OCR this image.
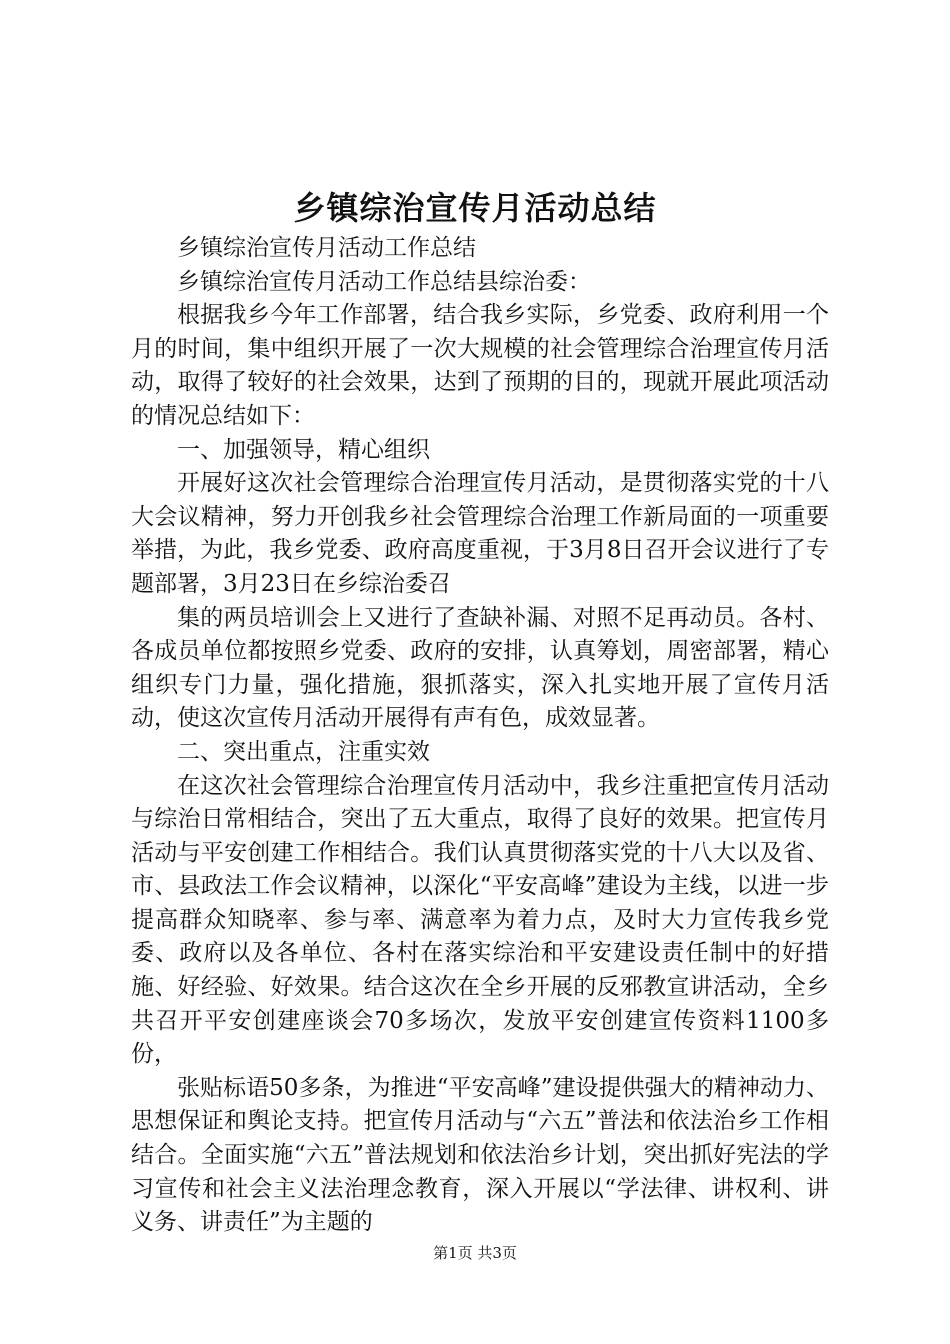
乡镇综治宣传月活动总结

乡镇综治宣传月活动工作总结

乡镇综治宣传月活动工作总结县综治委：

根据我乡今年工作部署，结合我乡实际，乡党委、政府利用一个月的时间，集中组织开展了一次大规模的社会管理综合治理宣传月活动，取得了较好的社会效果，达到了预期的目的，现就开展此项活动的情况总结如下：

一、加强领导，精心组织

开展好这次社会管理综合治理宣传月活动，是贯彻落实党的十八大会议精神，努力开创我乡社会管理综合治理工作新局面的一项重要举措，为此，我乡党委、政府高度重视，于3月8日召开会议进行了专题部署，3月23日在乡综治委召

集的两员培训会上又进行了查缺补漏、对照不足再动员。各村、各成员单位都按照乡党委、政府的安排，认真筹划，周密部署，精心组织专门力量，强化措施，狠抓落实，深入扎实地开展了宣传月活动，使这次宣传月活动开展得有声有色，成效显著。

二、突出重点，注重实效

在这次社会管理综合治理宣传月活动中，我乡注重把宣传月活动与综治日常相结合，突出了五大重点，取得了良好的效果。把宣传月活动与平安创建工作相结合。我们认真贯彻落实党的十八大以及省、市、县政法工作会议精神，以深化“平安高峰”建设为主线，以进一步提高群众知晓率、参与率、满意率为着力点，及时大力宣传我乡党委、政府以及各单位、各村在落实综治和平安建设责任制中的好措施、好经验、好效果。结合这次在全乡开展的反邪教宣讲活动，全乡共召开平安创建座谈会70多场次，发放平安创建宣传资料1100多份，

张贴标语50多条，为推进“平安高峰”建设提供强大的精神动力、思想保证和舆论支持。把宣传月活动与“六五”普法和依法治乡工作相结合。全面实施“六五”普法规划和依法治乡计划，突出抓好宪法的学习宣传和社会主义法治理念教育，深入开展以“学法律、讲权利、讲义务、讲责任”为主题的

第1页 共3页
